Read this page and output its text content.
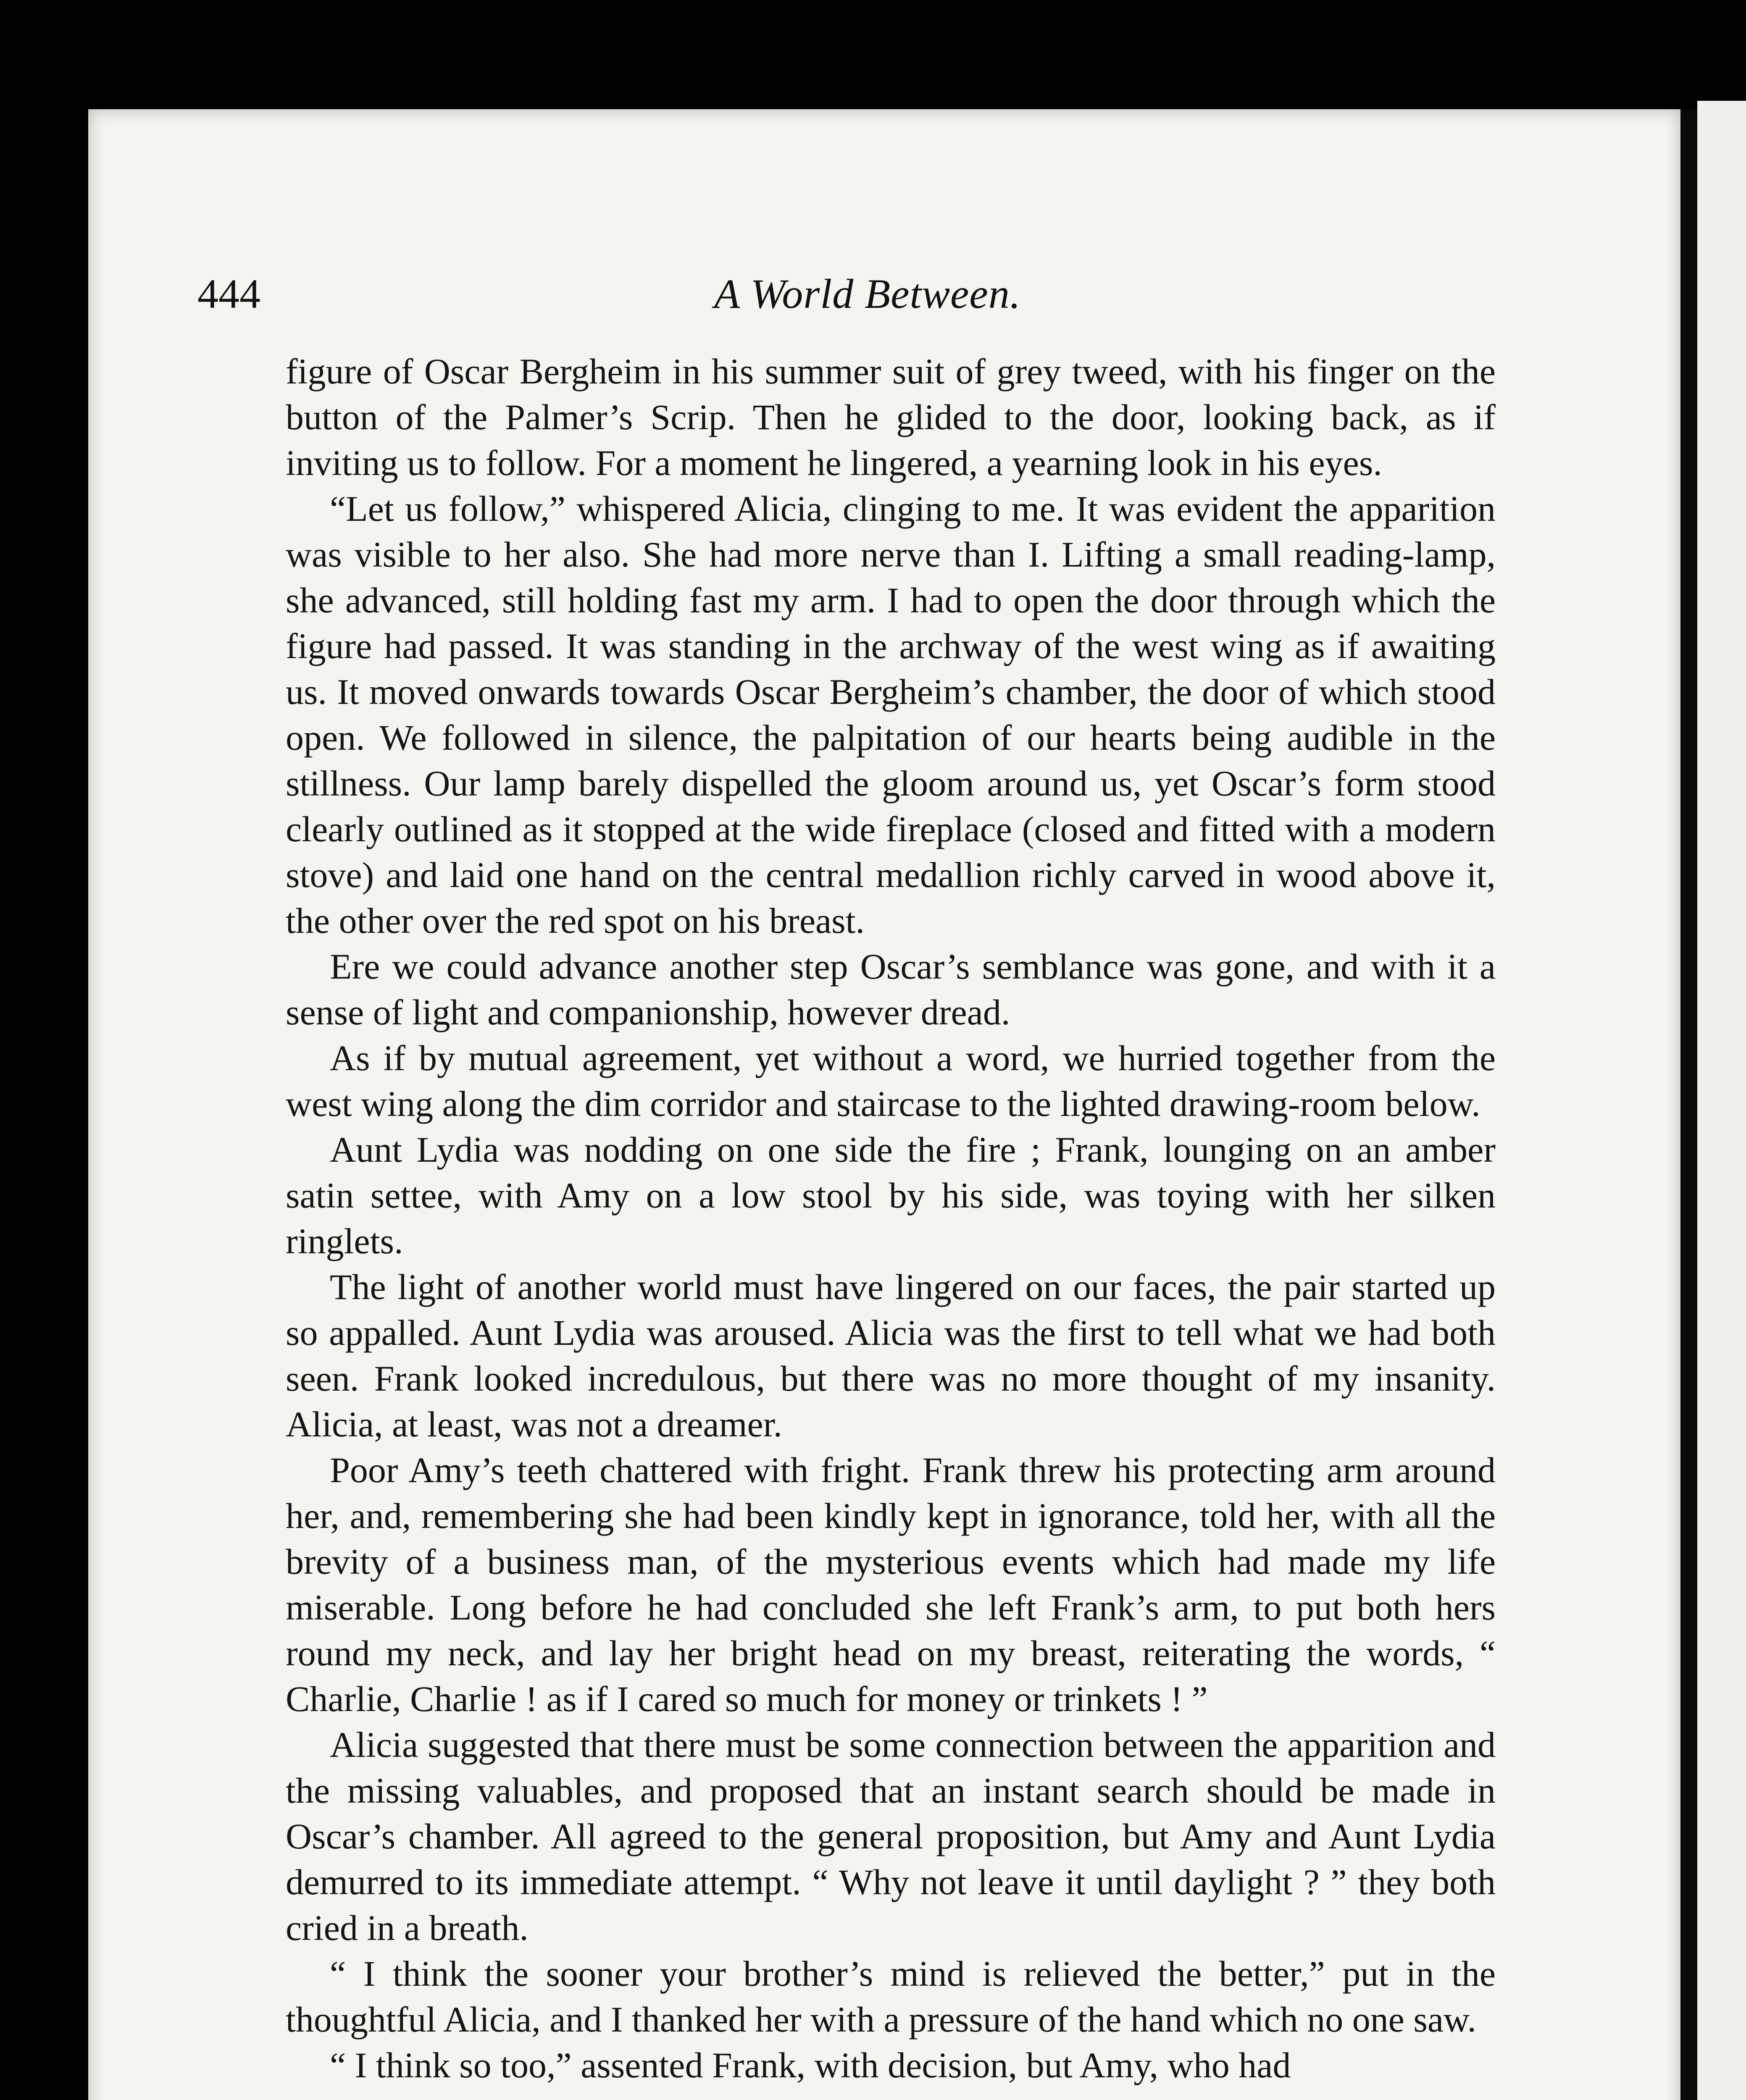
444	A World Between.

figure of Oscar Bergheim in his summer suit of grey tweed, with his finger on the button of the Palmer’s Scrip. Then he glided to the door, looking back, as if inviting us to follow. For a moment he lingered, a yearning look in his eyes.

“Let us follow,” whispered Alicia, clinging to me. It was evident the apparition was visible to her also. She had more nerve than I. Lifting a small reading-lamp, she advanced, still holding fast my arm. I had to open the door through which the figure had passed. It was standing in the archway of the west wing as if awaiting us. It moved onwards towards Oscar Bergheim’s chamber, the door of which stood open. We followed in silence, the palpitation of our hearts being audible in the stillness. Our lamp barely dispelled the gloom around us, yet Oscar’s form stood clearly outlined as it stopped at the wide fireplace (closed and fitted with a modern stove) and laid one hand on the central medallion richly carved in wood above it, the other over the red spot on his breast.

Ere we could advance another step Oscar’s semblance was gone, and with it a sense of light and companionship, however dread.

As if by mutual agreement, yet without a word, we hurried together from the west wing along the dim corridor and staircase to the lighted drawing-room below.

Aunt Lydia was nodding on one side the fire ; Frank, lounging on an amber satin settee, with Amy on a low stool by his side, was toying with her silken ringlets.

The light of another world must have lingered on our faces, the pair started up so appalled. Aunt Lydia was aroused. Alicia was the first to tell what we had both seen. Frank looked incredulous, but there was no more thought of my insanity. Alicia, at least, was not a dreamer.

Poor Amy’s teeth chattered with fright. Frank threw his protecting arm around her, and, remembering she had been kindly kept in ignorance, told her, with all the brevity of a business man, of the mysterious events which had made my life miserable. Long before he had concluded she left Frank’s arm, to put both hers round my neck, and lay her bright head on my breast, reiterating the words, “ Charlie, Charlie ! as if I cared so much for money or trinkets ! ”

Alicia suggested that there must be some connection between the apparition and the missing valuables, and proposed that an instant search should be made in Oscar’s chamber. All agreed to the general proposition, but Amy and Aunt Lydia demurred to its immediate attempt. “ Why not leave it until daylight ? ” they both cried in a breath.

“ I think the sooner your brother’s mind is relieved the better,” put in the thoughtful Alicia, and I thanked her with a pressure of the hand which no one saw.

“ I think so too,” assented Frank, with decision, but Amy, who had
